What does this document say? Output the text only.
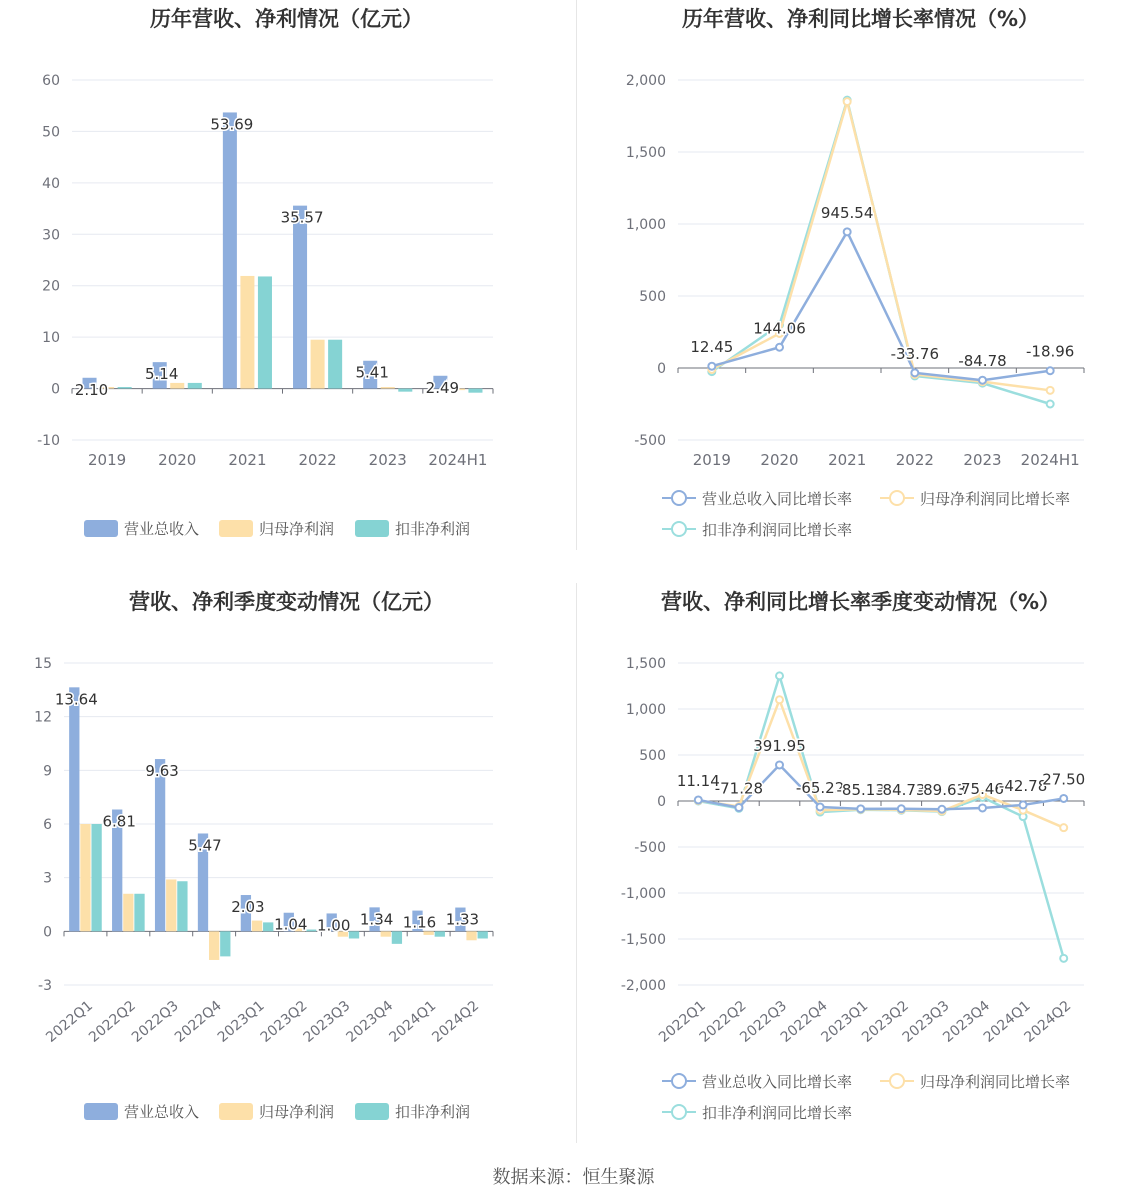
历年营收、净利情况（亿元）
-10
0
10
20
30
40
50
60
2019 2020 2021 2022 2023 2024H1
2.10
5.14
53.69
35.57
5.41
2.49
营业总收入	归母净利润	扣非净利润
历年营收、净利同比增长率情况（%）
-500
0
500
1,000
1,500
2,000
2019 2020 2021 2022 2023 2024H1
12.45
144.06
945.54
-33.76 -84.78
-18.96
营业总收入同比增长率	归母净利润同比增长率
扣非净利润同比增长率
营收、净利季度变动情况（亿元）
-3
0
3
6
9
12
15
2022Q1
2022Q2
2022Q3
2022Q4
2023Q1
2023Q2
2023Q3
2023Q4
2024Q1
2024Q2
13.64
6.81
9.63
5.47
2.03
1.04 1.00 1.34 1.16 1.33
营业总收入	归母净利润	扣非净利润
营收、净利同比增长率季度变动情况（%）
-2,000
-1,500
-1,000
-500
0
500
1,000
1,500
2022Q1
2022Q2
2022Q3
2022Q4
2023Q1
2023Q2
2023Q3
2023Q4
2024Q1
2024Q2
11.14
-71.28
391.95
-65.22
-85.13
-84.73
-89.63
75.46
-42.78
27.50
营业总收入同比增长率	归母净利润同比增长率
扣非净利润同比增长率
数据来源：恒生聚源
